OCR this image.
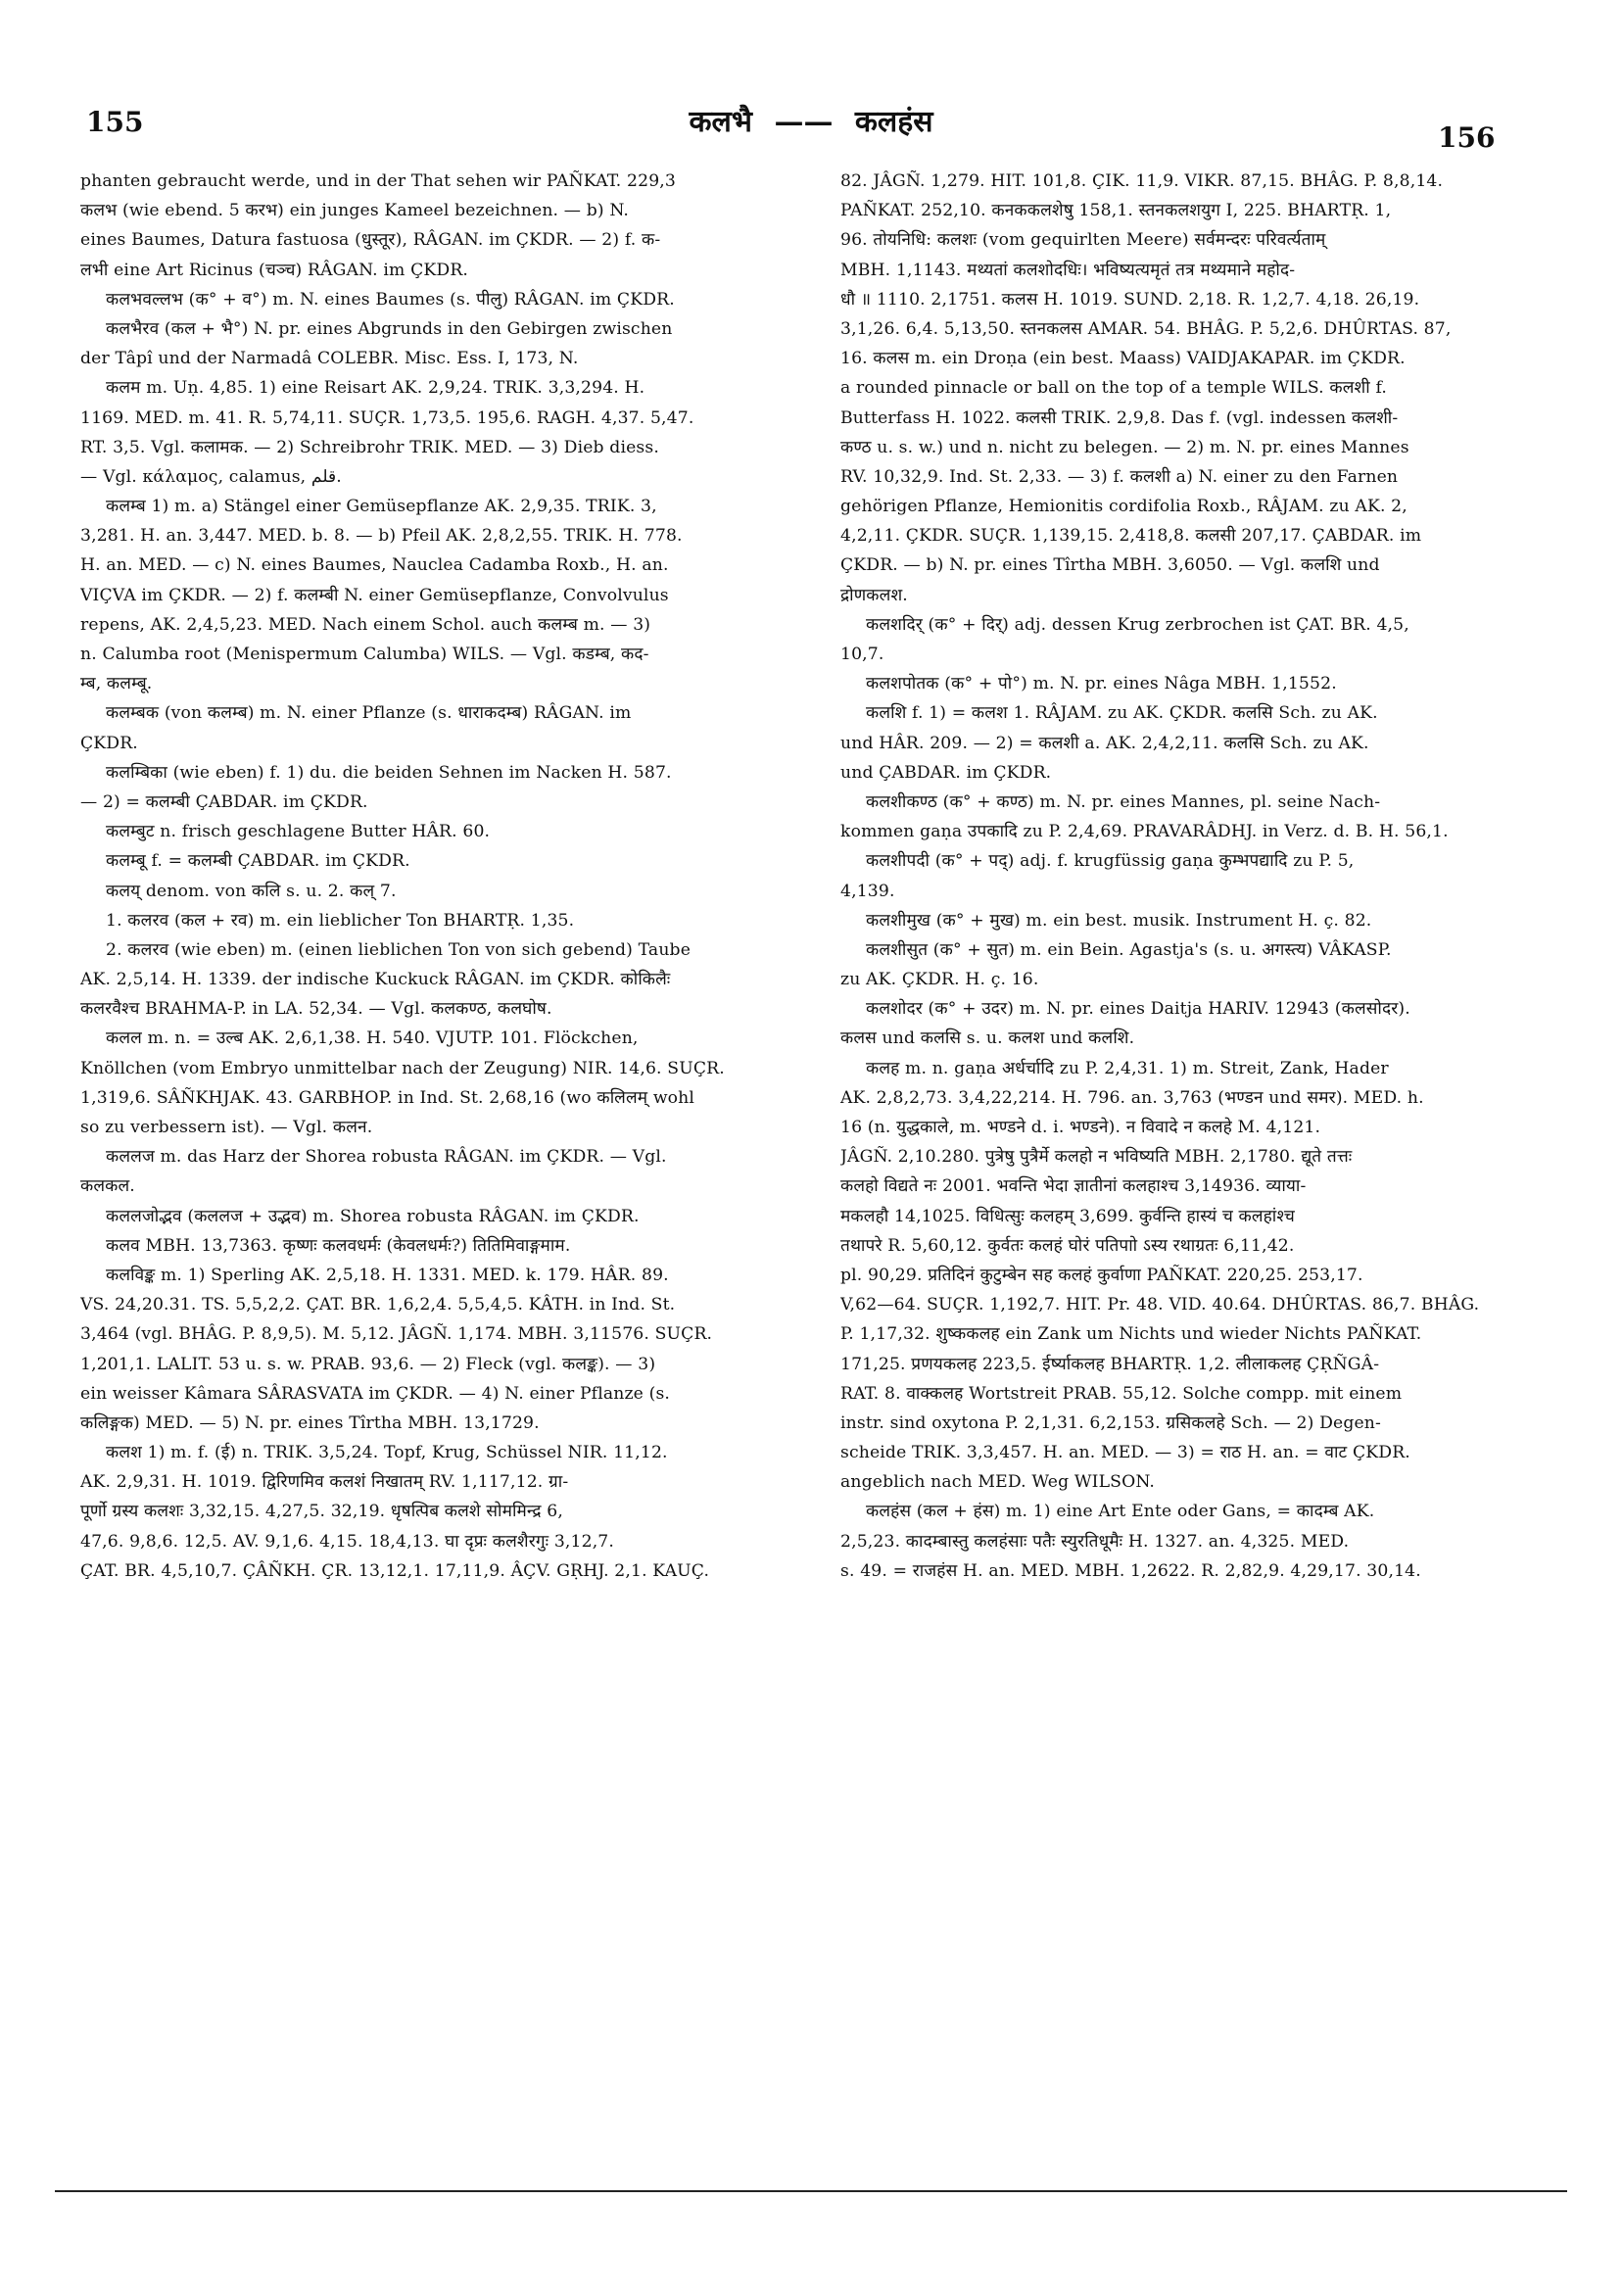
155	कलभै —— कलहंस	156
phanten gebraucht werde, und in der That sehen wir PAÑKAT. 229,3
कलभ (wie ebend. 5 करभ) ein junges Kameel bezeichnen. — b) N.
eines Baumes, Datura fastuosa (धुस्तूर), RÂGAN. im ÇKDR. — 2) f. क-
लभी eine Art Ricinus (चञ्च) RÂGAN. im ÇKDR.
कलभवल्लभ (क° + व°) m. N. eines Baumes (s. पीलु) RÂGAN. im ÇKDR.
कलभैरव (कल + भै°) N. pr. eines Abgrunds in den Gebirgen zwischen
der Tâpî und der Narmadâ COLEBR. Misc. Ess. I, 173, N.
कलम m. Uṇ. 4,85. 1) eine Reisart AK. 2,9,24. TRIK. 3,3,294. H.
1169. MED. m. 41. R. 5,74,11. SUÇR. 1,73,5. 195,6. RAGH. 4,37. 5,47.
RT. 3,5. Vgl. कलामक. — 2) Schreibrohr TRIK. MED. — 3) Dieb diess.
— Vgl. κάλαμος, calamus, قلم.
कलम्ब 1) m. a) Stängel einer Gemüsepflanze AK. 2,9,35. TRIK. 3,
3,281. H. an. 3,447. MED. b. 8. — b) Pfeil AK. 2,8,2,55. TRIK. H. 778.
H. an. MED. — c) N. eines Baumes, Nauclea Cadamba Roxb., H. an.
VIÇVA im ÇKDR. — 2) f. कलम्बी N. einer Gemüsepflanze, Convolvulus
repens, AK. 2,4,5,23. MED. Nach einem Schol. auch कलम्ब m. — 3)
n. Calumba root (Menispermum Calumba) WILS. — Vgl. कडम्ब, कद-
म्ब, कलम्बू.
कलम्बक (von कलम्ब) m. N. einer Pflanze (s. धाराकदम्ब) RÂGAN. im
ÇKDR.
कलम्बिका (wie eben) f. 1) du. die beiden Sehnen im Nacken H. 587.
— 2) = कलम्बी ÇABDAR. im ÇKDR.
कलम्बुट n. frisch geschlagene Butter HÂR. 60.
कलम्बू f. = कलम्बी ÇABDAR. im ÇKDR.
कलय् denom. von कलि s. u. 2. कल् 7.
1. कलरव (कल + रव) m. ein lieblicher Ton BHARTṚ. 1,35.
2. कलरव (wie eben) m. (einen lieblichen Ton von sich gebend) Taube
AK. 2,5,14. H. 1339. der indische Kuckuck RÂGAN. im ÇKDR. कोकिलैः
कलरवैश्च BRAHMA-P. in LA. 52,34. — Vgl. कलकण्ठ, कलघोष.
कलल m. n. = उल्ब AK. 2,6,1,38. H. 540. VJUTP. 101. Flöckchen,
Knöllchen (vom Embryo unmittelbar nach der Zeugung) NIR. 14,6. SUÇR.
1,319,6. SÂÑKHJAK. 43. GARBHOP. in Ind. St. 2,68,16 (wo कलिलम् wohl
so zu verbessern ist). — Vgl. कलन.
कललज m. das Harz der Shorea robusta RÂGAN. im ÇKDR. — Vgl.
कलकल.
कललजोद्भव (कललज + उद्भव) m. Shorea robusta RÂGAN. im ÇKDR.
कलव MBH. 13,7363. कृष्णः कलवधर्मः (केवलधर्मः?) तितिमिवाङ्गमाम.
कलविङ्क m. 1) Sperling AK. 2,5,18. H. 1331. MED. k. 179. HÂR. 89.
VS. 24,20.31. TS. 5,5,2,2. ÇAT. BR. 1,6,2,4. 5,5,4,5. KÂTH. in Ind. St.
3,464 (vgl. BHÂG. P. 8,9,5). M. 5,12. JÂGÑ. 1,174. MBH. 3,11576. SUÇR.
1,201,1. LALIT. 53 u. s. w. PRAB. 93,6. — 2) Fleck (vgl. कलङ्क). — 3)
ein weisser Kâmara SÂRASVATA im ÇKDR. — 4) N. einer Pflanze (s.
कलिङ्गक) MED. — 5) N. pr. eines Tîrtha MBH. 13,1729.
कलश 1) m. f. (ई) n. TRIK. 3,5,24. Topf, Krug, Schüssel NIR. 11,12.
AK. 2,9,31. H. 1019. द्विरिणमिव कलशं निखातम् RV. 1,117,12. ग्रा-
पूर्णो ग्रस्य कलशः 3,32,15. 4,27,5. 32,19. धृषत्पिब कलशे सोममिन्द्र 6,
47,6. 9,8,6. 12,5. AV. 9,1,6. 4,15. 18,4,13. घा दृप्रः कलशैरगुः 3,12,7.
ÇAT. BR. 4,5,10,7. ÇÂÑKH. ÇR. 13,12,1. 17,11,9. ÂÇV. GṚHJ. 2,1. KAUÇ.
82. JÂGÑ. 1,279. HIT. 101,8. ÇIK. 11,9. VIKR. 87,15. BHÂG. P. 8,8,14.
PAÑKAT. 252,10. कनककलशेषु 158,1. स्तनकलशयुग I, 225. BHARTṚ. 1,
96. तोयनिधि: कलशः (vom gequirlten Meere) सर्वमन्दरः परिवर्त्यताम्
MBH. 1,1143. मथ्यतां कलशोदधिः। भविष्यत्यमृतं तत्र मथ्यमाने महोद-
धौ ॥ 1110. 2,1751. कलस H. 1019. SUND. 2,18. R. 1,2,7. 4,18. 26,19.
3,1,26. 6,4. 5,13,50. स्तनकलस AMAR. 54. BHÂG. P. 5,2,6. DHÛRTAS. 87,
16. कलस m. ein Droṇa (ein best. Maass) VAIDJAKAPAR. im ÇKDR.
a rounded pinnacle or ball on the top of a temple WILS. कलशी f.
Butterfass H. 1022. कलसी TRIK. 2,9,8. Das f. (vgl. indessen कलशी-
कण्ठ u. s. w.) und n. nicht zu belegen. — 2) m. N. pr. eines Mannes
RV. 10,32,9. Ind. St. 2,33. — 3) f. कलशी a) N. einer zu den Farnen
gehörigen Pflanze, Hemionitis cordifolia Roxb., RÂJAM. zu AK. 2,
4,2,11. ÇKDR. SUÇR. 1,139,15. 2,418,8. कलसी 207,17. ÇABDAR. im
ÇKDR. — b) N. pr. eines Tîrtha MBH. 3,6050. — Vgl. कलशि und
द्रोणकलश.
कलशदिर् (क° + दिर्) adj. dessen Krug zerbrochen ist ÇAT. BR. 4,5,
10,7.
कलशपोतक (क° + पो°) m. N. pr. eines Nâga MBH. 1,1552.
कलशि f. 1) = कलश 1. RÂJAM. zu AK. ÇKDR. कलसि Sch. zu AK.
und HÂR. 209. — 2) = कलशी a. AK. 2,4,2,11. कलसि Sch. zu AK.
und ÇABDAR. im ÇKDR.
कलशीकण्ठ (क° + कण्ठ) m. N. pr. eines Mannes, pl. seine Nach-
kommen gaṇa उपकादि zu P. 2,4,69. PRAVARÂDHJ. in Verz. d. B. H. 56,1.
कलशीपदी (क° + पद्) adj. f. krugfüssig gaṇa कुम्भपद्यादि zu P. 5,
4,139.
कलशीमुख (क° + मुख) m. ein best. musik. Instrument H. ç. 82.
कलशीसुत (क° + सुत) m. ein Bein. Agastja's (s. u. अगस्त्य) VÂKASP.
zu AK. ÇKDR. H. ç. 16.
कलशोदर (क° + उदर) m. N. pr. eines Daitja HARIV. 12943 (कलसोदर).
कलस und कलसि s. u. कलश und कलशि.
कलह m. n. gaṇa अर्धर्चादि zu P. 2,4,31. 1) m. Streit, Zank, Hader
AK. 2,8,2,73. 3,4,22,214. H. 796. an. 3,763 (भण्डन und समर). MED. h.
16 (n. युद्धकाले, m. भण्डने d. i. भण्डने). न विवादे न कलहे M. 4,121.
JÂGÑ. 2,10.280. पुत्रेषु पुत्रैर्मे कलहो न भविष्यति MBH. 2,1780. द्यूते तत्तः
कलहो विद्यते नः 2001. भवन्ति भेदा ज्ञातीनां कलहाश्च 3,14936. व्याया-
मकलहौ 14,1025. विधित्सुः कलहम् 3,699. कुर्वन्ति हास्यं च कलहांश्च
तथापरे R. 5,60,12. कुर्वतः कलहं घोरं पतिपाो ऽस्य रथाग्रतः 6,11,42.
pl. 90,29. प्रतिदिनं कुटुम्बेन सह कलहं कुर्वाणा PAÑKAT. 220,25. 253,17.
V,62—64. SUÇR. 1,192,7. HIT. Pr. 48. VID. 40.64. DHÛRTAS. 86,7. BHÂG.
P. 1,17,32. शुष्ककलह ein Zank um Nichts und wieder Nichts PAÑKAT.
171,25. प्रणयकलह 223,5. ईर्ष्याकलह BHARTṚ. 1,2. लीलाकलह ÇṚÑGÂ-
RAT. 8. वाक्कलह Wortstreit PRAB. 55,12. Solche compp. mit einem
instr. sind oxytona P. 2,1,31. 6,2,153. ग्रसिकलहे Sch. — 2) Degen-
scheide TRIK. 3,3,457. H. an. MED. — 3) = राठ H. an. = वाट ÇKDR.
angeblich nach MED. Weg WILSON.
कलहंस (कल + हंस) m. 1) eine Art Ente oder Gans, = कादम्ब AK.
2,5,23. कादम्बास्तु कलहंसाः पतैः स्युरतिधूमैः H. 1327. an. 4,325. MED.
s. 49. = राजहंस H. an. MED. MBH. 1,2622. R. 2,82,9. 4,29,17. 30,14.
